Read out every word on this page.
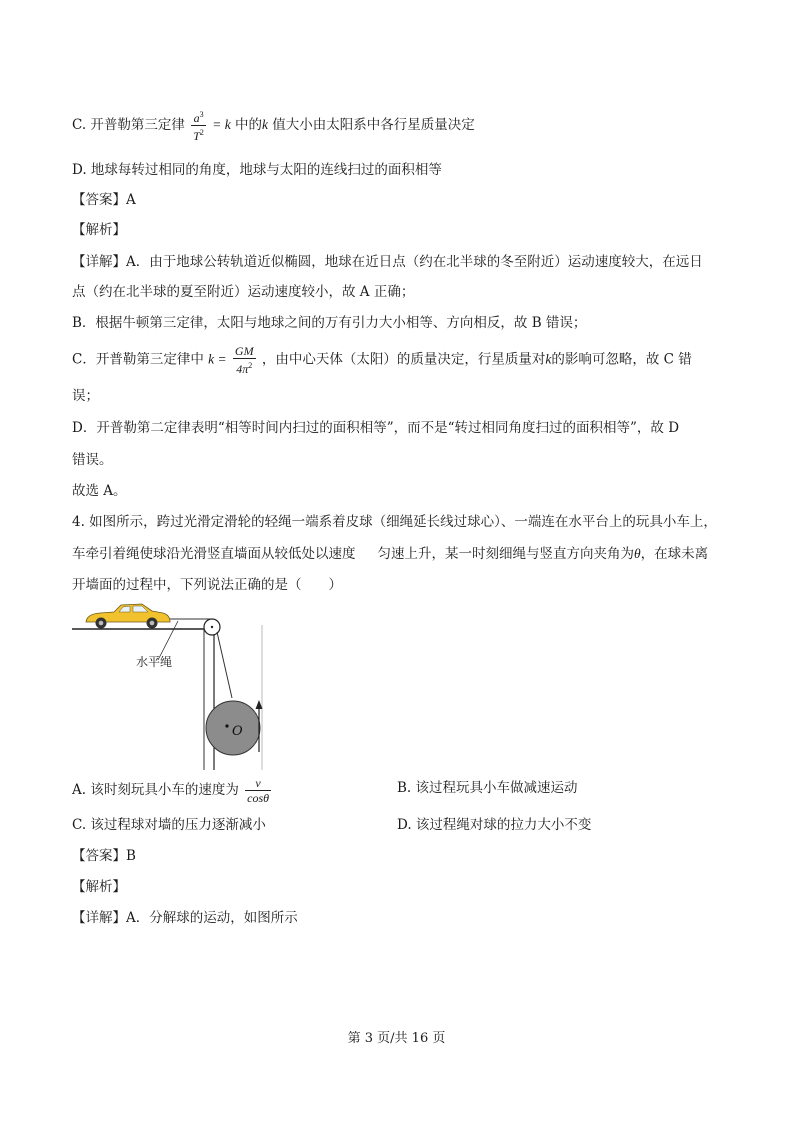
C. 开普勒第三定律 $\frac{a^3}{T^2} = k$ 中的k 值大小由太阳系中各行星质量决定
D. 地球每转过相同的角度，地球与太阳的连线扫过的面积相等
【答案】A
【解析】
【详解】A．由于地球公转轨道近似椭圆，地球在近日点（约在北半球的冬至附近）运动速度较大，在远日
点（约在北半球的夏至附近）运动速度较小，故 A 正确；
B．根据牛顿第三定律，太阳与地球之间的万有引力大小相等、方向相反，故 B 错误；
C．开普勒第三定律中 $k = \frac{GM}{4\pi^2}$ ，由中心天体（太阳）的质量决定，行星质量对k的影响可忽略，故 C 错
误；
D．开普勒第二定律表明“相等时间内扫过的面积相等”，而不是“转过相同角度扫过的面积相等”，故 D
错误。
故选 A。
4. 如图所示，跨过光滑定滑轮的轻绳一端系着皮球（细绳延长线过球心）、一端连在水平台上的玩具小车上，
车牵引着绳使球沿光滑竖直墙面从较低处以速度 匀速上升，某一时刻细绳与竖直方向夹角为θ，在球未离
开墙面的过程中，下列说法正确的是（　　）
水平绳
O
A. 该时刻玩具小车的速度为 $\frac{v}{\cos\theta}$	B. 该过程玩具小车做减速运动
C. 该过程球对墙的压力逐渐减小	D. 该过程绳对球的拉力大小不变
【答案】B
【解析】
【详解】A．分解球的运动，如图所示
第 3 页/共 16 页
